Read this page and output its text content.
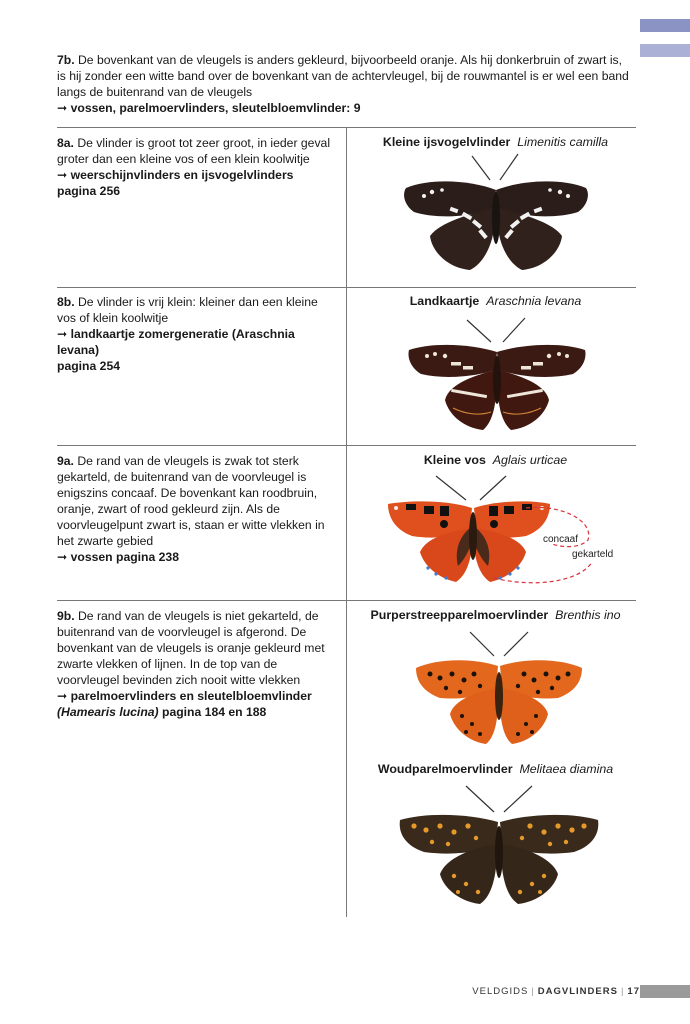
7b. De bovenkant van de vleugels is anders gekleurd, bijvoorbeeld oranje. Als hij donkerbruin of zwart is, is hij zonder een witte band over de bovenkant van de achtervleugel, bij de rouwmantel is er wel een band langs de buitenrand van de vleugels
➞ vossen, parelmoervlinders, sleutelbloemvlinder: 9
8a. De vlinder is groot tot zeer groot, in ieder geval groter dan een kleine vos of een klein koolwitje
➞ weerschijnvlinders en ijsvogelvlinders
pagina 256
Kleine ijsvogelvlinder Limenitis camilla
8b. De vlinder is vrij klein: kleiner dan een kleine vos of klein koolwitje
➞ landkaartje zomergeneratie (Araschnia levana)
pagina 254
Landkaartje Araschnia levana
9a. De rand van de vleugels is zwak tot sterk gekarteld, de buitenrand van de voorvleugel is enigszins concaaf. De bovenkant kan roodbruin, oranje, zwart of rood gekleurd zijn. Als de voorvleugelpunt zwart is, staan er witte vlekken in het zwarte gebied
➞ vossen pagina 238
Kleine vos Aglais urticae
concaaf
gekarteld
9b. De rand van de vleugels is niet gekarteld, de buitenrand van de voorvleugel is afgerond. De bovenkant van de vleugels is oranje gekleurd met zwarte vlekken of lijnen. In de top van de voorvleugel bevinden zich nooit witte vlekken
➞ parelmoervlinders en sleutelbloemvlinder
(Hamearis lucina) pagina 184 en 188
Purperstreepparelmoervlinder Brenthis ino
Woudparelmoervlinder Melitaea diamina
VELDGIDS | DAGVLINDERS | 17
